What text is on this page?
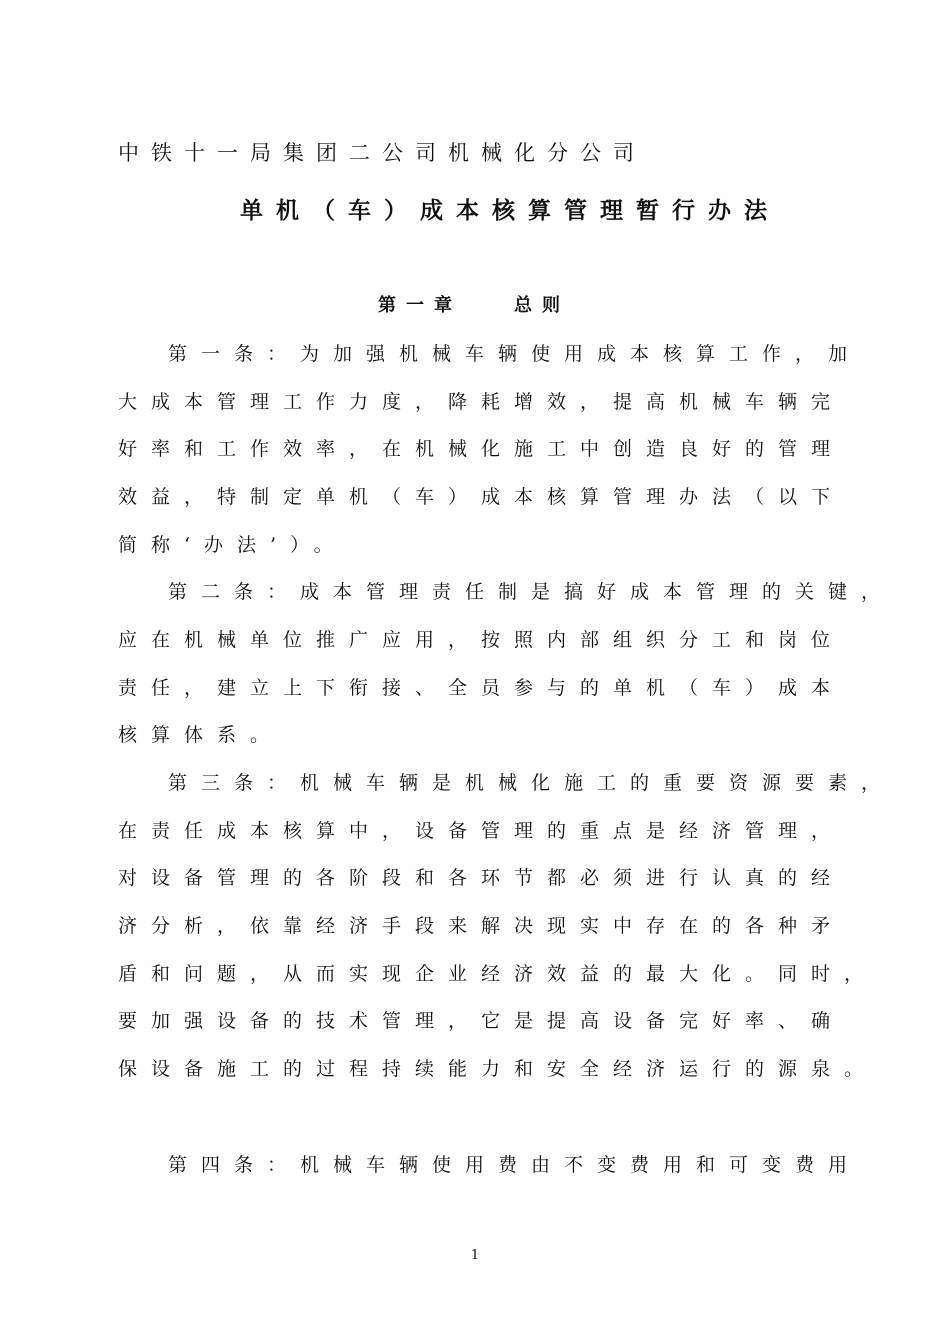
中铁十一局集团二公司机械化分公司
单机（车）成本核算管理暂行办法
第一章	总则
第一条：为加强机械车辆使用成本核算工作，加
大成本管理工作力度，降耗增效，提高机械车辆完
好率和工作效率，在机械化施工中创造良好的管理
效益，特制定单机（车）成本核算管理办法（以下
简称‘办法’）。
第二条：成本管理责任制是搞好成本管理的关键，
应在机械单位推广应用，按照内部组织分工和岗位
责任，建立上下衔接、全员参与的单机（车）成本
核算体系。
第三条：机械车辆是机械化施工的重要资源要素，
在责任成本核算中，设备管理的重点是经济管理，
对设备管理的各阶段和各环节都必须进行认真的经
济分析，依靠经济手段来解决现实中存在的各种矛
盾和问题，从而实现企业经济效益的最大化。同时，
要加强设备的技术管理，它是提高设备完好率、确
保设备施工的过程持续能力和安全经济运行的源泉。
第四条：机械车辆使用费由不变费用和可变费用
1
